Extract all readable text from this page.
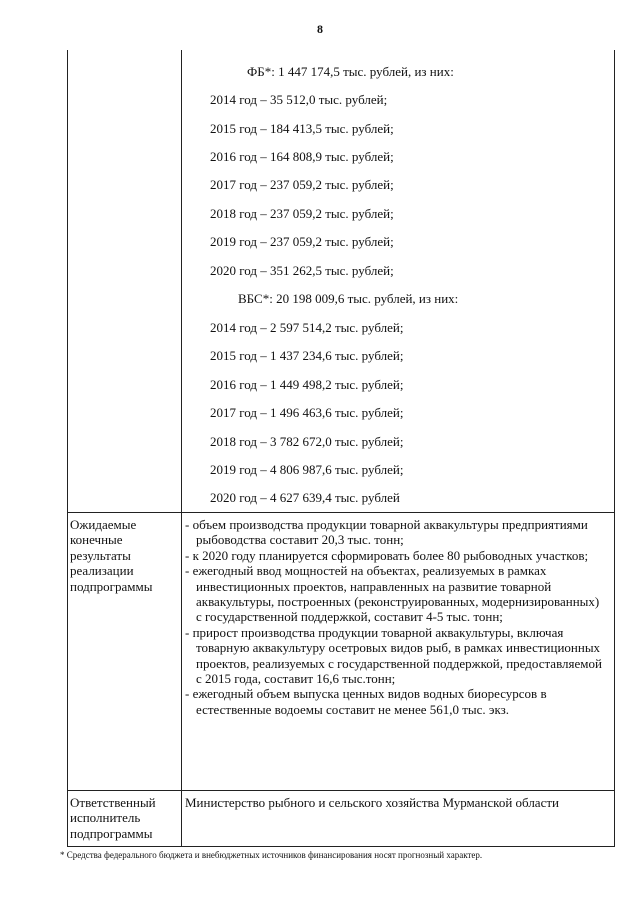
8
ФБ*: 1 447 174,5 тыс. рублей, из них:
2014 год – 35 512,0 тыс. рублей;
2015 год – 184 413,5 тыс. рублей;
2016 год – 164 808,9 тыс. рублей;
2017 год – 237 059,2 тыс. рублей;
2018 год – 237 059,2 тыс. рублей;
2019 год – 237 059,2 тыс. рублей;
2020 год – 351 262,5 тыс. рублей;
ВБС*: 20 198 009,6 тыс. рублей, из них:
2014 год – 2 597 514,2 тыс. рублей;
2015 год – 1 437 234,6 тыс. рублей;
2016 год – 1 449 498,2 тыс. рублей;
2017 год – 1 496 463,6 тыс. рублей;
2018 год – 3 782 672,0 тыс. рублей;
2019 год – 4 806 987,6 тыс. рублей;
2020 год – 4 627 639,4 тыс. рублей
Ожидаемые
конечные
результаты
реализации
подпрограммы
- объем производства продукции товарной аквакультуры предприятиями рыбоводства составит 20,3 тыс. тонн;
- к 2020 году планируется сформировать более 80 рыбоводных участков;
- ежегодный ввод мощностей на объектах, реализуемых в рамках инвестиционных проектов, направленных на развитие товарной аквакультуры, построенных (реконструированных, модернизированных) с государственной поддержкой, составит 4-5 тыс. тонн;
- прирост производства продукции товарной аквакультуры, включая товарную аквакультуру осетровых видов рыб, в рамках инвестиционных проектов, реализуемых с государственной поддержкой, предоставляемой с 2015 года, составит 16,6 тыс.тонн;
- ежегодный объем выпуска ценных видов водных биоресурсов в естественные водоемы составит не менее 561,0 тыс. экз.
Ответственный
исполнитель
подпрограммы
Министерство рыбного и сельского хозяйства Мурманской области
* Средства федерального бюджета и внебюджетных источников финансирования носят прогнозный характер.
